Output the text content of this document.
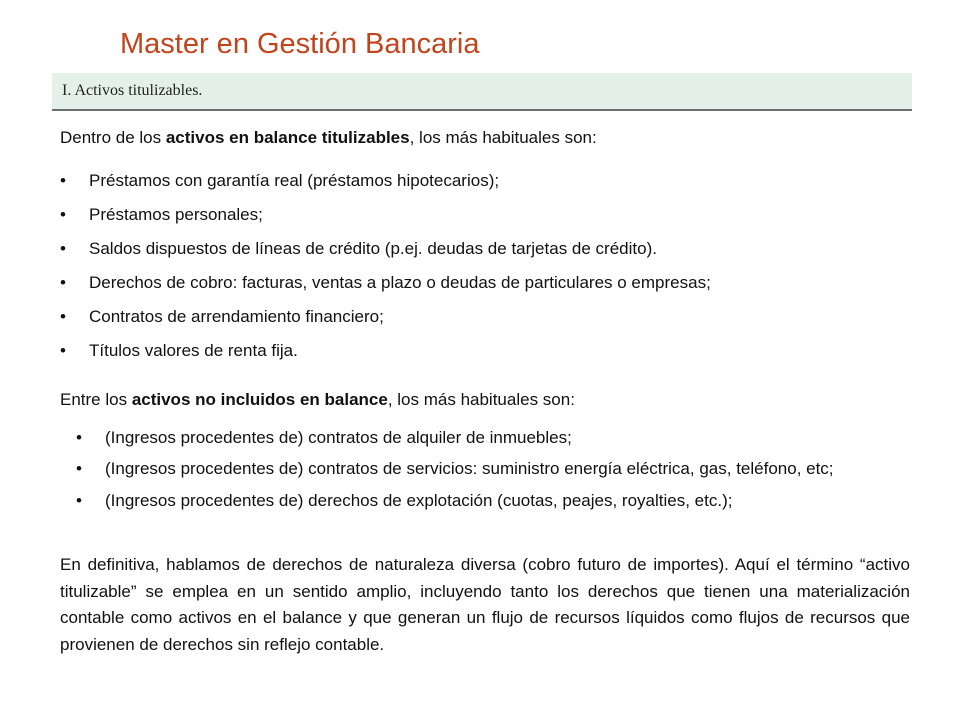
Master en Gestión Bancaria
I. Activos titulizables.

Dentro de los activos en balance titulizables, los más habituales son:

• Préstamos con garantía real (préstamos hipotecarios);
• Préstamos personales;
• Saldos dispuestos de líneas de crédito (p.ej. deudas de tarjetas de crédito).
• Derechos de cobro: facturas, ventas a plazo o deudas de particulares o empresas;
• Contratos de arrendamiento financiero;
• Títulos valores de renta fija.

Entre los activos no incluidos en balance, los más habituales son:

• (Ingresos procedentes de) contratos de alquiler de inmuebles;
• (Ingresos procedentes de) contratos de servicios: suministro energía eléctrica, gas, teléfono, etc;
• (Ingresos procedentes de) derechos de explotación (cuotas, peajes, royalties, etc.);

En definitiva, hablamos de derechos de naturaleza diversa (cobro futuro de importes). Aquí el término “activo titulizable” se emplea en un sentido amplio, incluyendo tanto los derechos que tienen una materialización contable como activos en el balance y que generan un flujo de recursos líquidos como flujos de recursos que provienen de derechos sin reflejo contable.
